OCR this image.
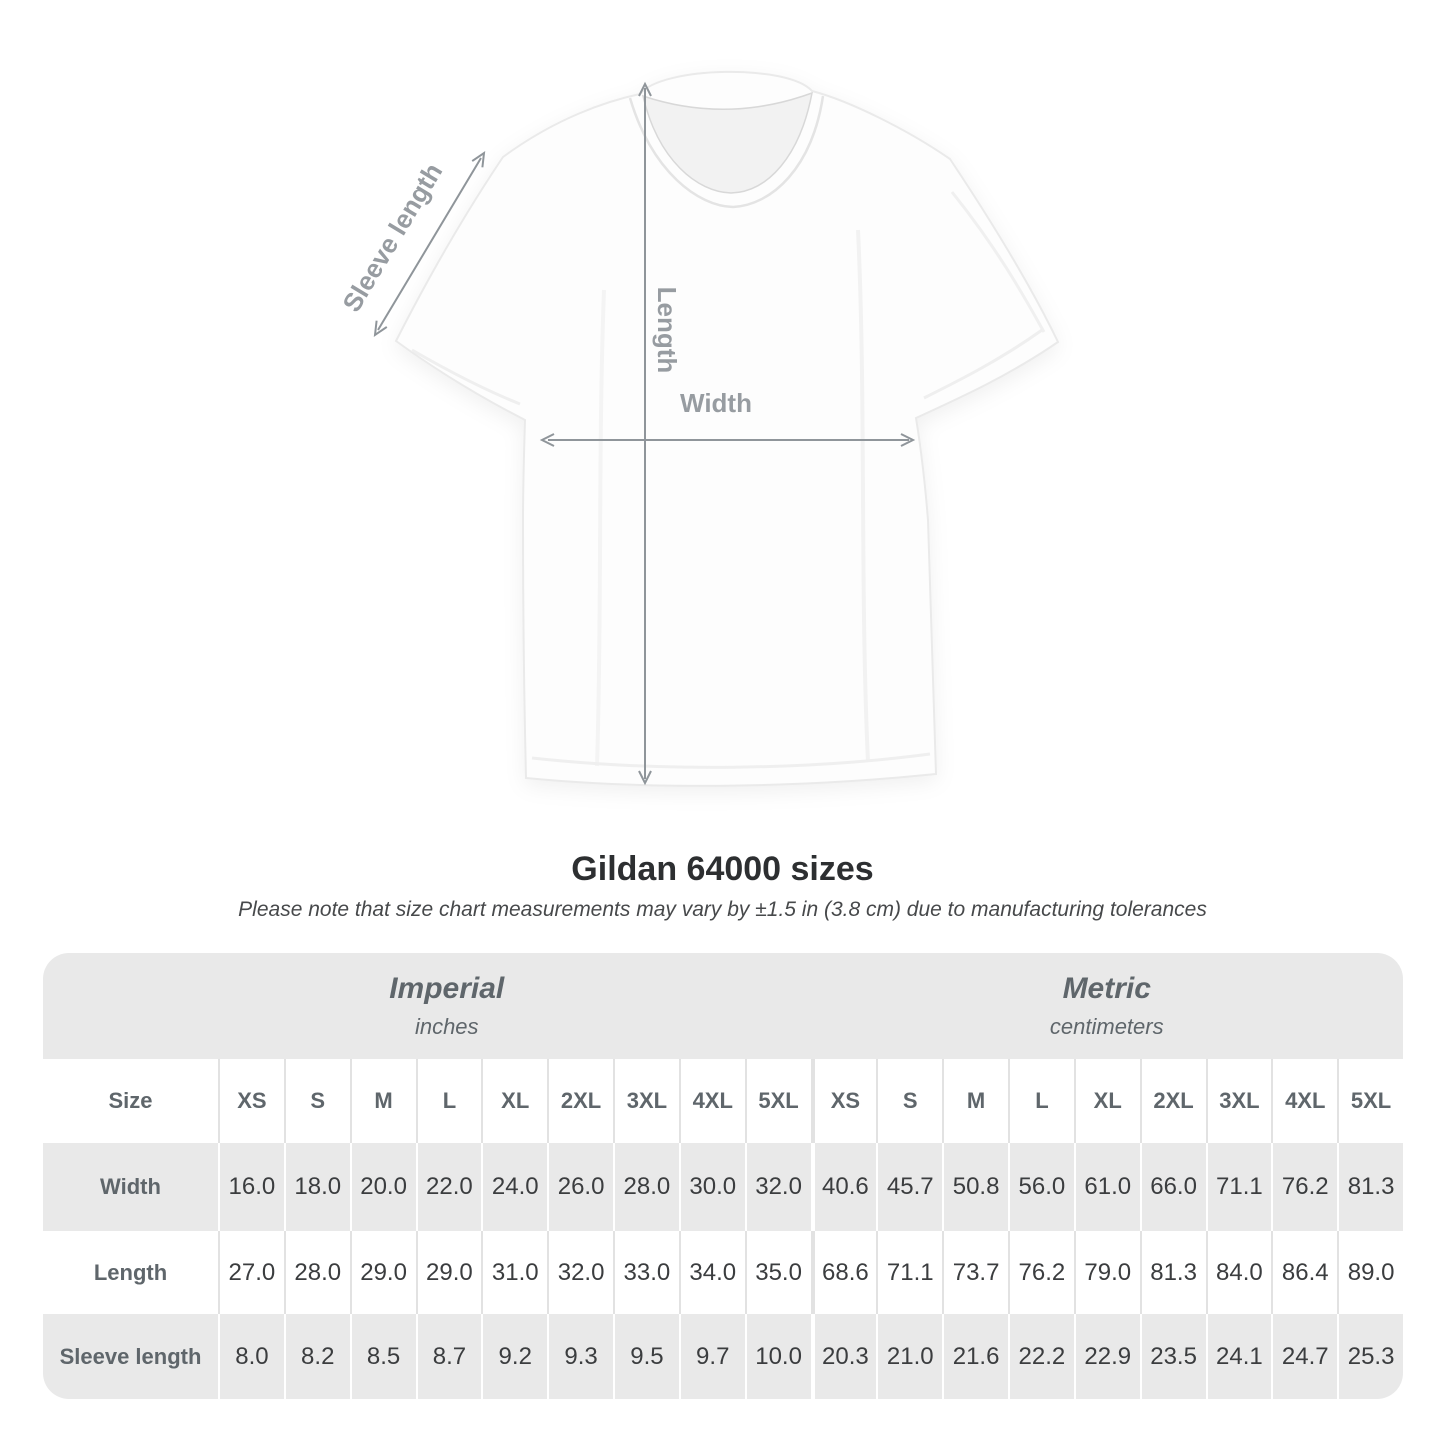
Length
Width
Sleeve length
Gildan 64000 sizes

Please note that size chart measurements may vary by ±1.5 in (3.8 cm) due to manufacturing tolerances

Imperial
inches
Metric
centimeters
Size	XS	S	M	L	XL	2XL	3XL	4XL	5XL	XS	S	M	L	XL	2XL	3XL	4XL	5XL
Width	16.0 18.0 20.0 22.0 24.0 26.0 28.0 30.0 32.0 40.6 45.7 50.8 56.0 61.0 66.0 71.1 76.2 81.3
Length	27.0 28.0 29.0 29.0 31.0 32.0 33.0 34.0 35.0 68.6 71.1 73.7 76.2 79.0 81.3 84.0 86.4 89.0
Sleeve length	8.0	8.2	8.5	8.7	9.2	9.3	9.5	9.7	10.0 20.3 21.0 21.6 22.2 22.9 23.5 24.1 24.7 25.3
